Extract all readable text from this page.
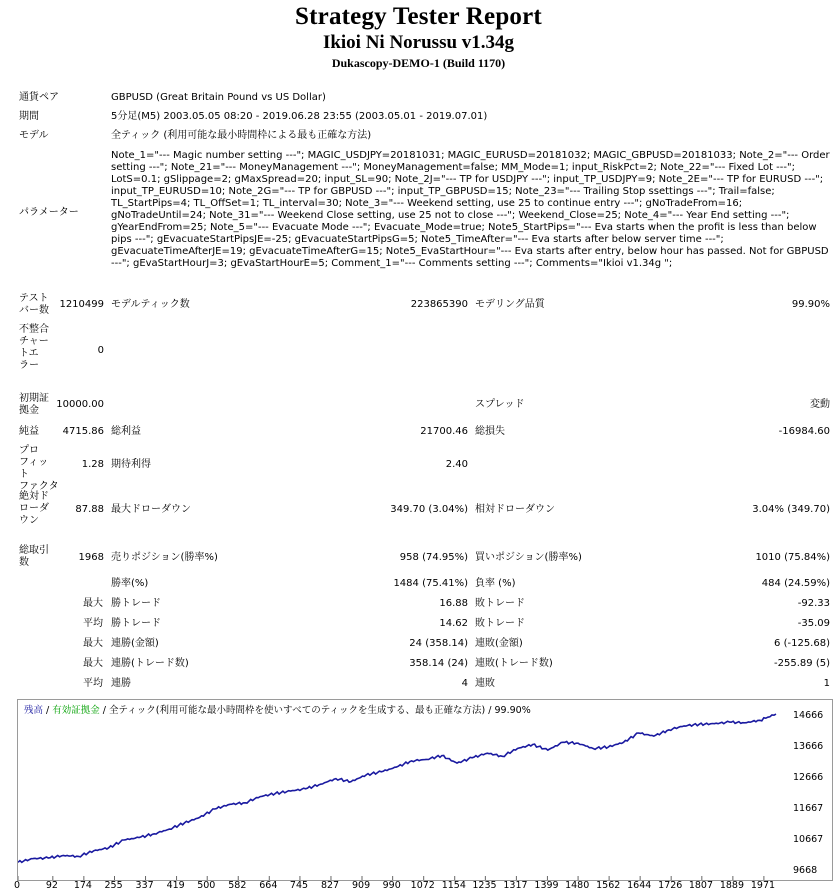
Strategy Tester Report
Ikioi Ni Norussu v1.34g
Dukascopy-DEMO-1 (Build 1170)
通貨ペア	GBPUSD (Great Britain Pound vs US Dollar)
期間	5分足(M5) 2003.05.05 08:20 - 2019.06.28 23:55 (2003.05.01 - 2019.07.01)
モデル	全ティック (利用可能な最小時間枠による最も正確な方法)
パラメーター
Note_1="--- Magic number setting ---"; MAGIC_USDJPY=20181031; MAGIC_EURUSD=20181032; MAGIC_GBPUSD=20181033; Note_2="--- Order setting ---"; Note_21="--- MoneyManagement ---"; MoneyManagement=false; MM_Mode=1; input_RiskPct=2; Note_22="--- Fixed Lot ---"; LotS=0.1; gSlippage=2; gMaxSpread=20; input_SL=90; Note_2J="--- TP for USDJPY ---"; input_TP_USDJPY=9; Note_2E="--- TP for EURUSD ---"; input_TP_EURUSD=10; Note_2G="--- TP for GBPUSD ---"; input_TP_GBPUSD=15; Note_23="--- Trailing Stop ssettings ---"; Trail=false; TL_StartPips=4; TL_OffSet=1; TL_interval=30; Note_3="--- Weekend setting, use 25 to continue entry ---"; gNoTradeFrom=16; gNoTradeUntil=24; Note_31="--- Weekend Close setting, use 25 not to close ---"; Weekend_Close=25; Note_4="--- Year End setting ---"; gYearEndFrom=25; Note_5="--- Evacuate Mode ---"; Evacuate_Mode=true; Note5_StartPips="--- Eva starts when the profit is less than below pips ---"; gEvacuateStartPipsJE=-25; gEvacuateStartPipsG=5; Note5_TimeAfter="--- Eva starts after below server time ---"; gEvacuateTimeAfterJE=19; gEvacuateTimeAfterG=15; Note5_EvaStartHour="--- Eva starts after entry, below hour has passed. Not for GBPUSD ---"; gEvaStartHourJ=3; gEvaStartHourE=5; Comment_1="--- Comments setting ---"; Comments="Ikioi v1.34g ";
テスト
バー数
1210499 モデルティック数	223865390 モデリング品質	99.90%
不整合
チャー
トエ
ラー
0
初期証
拠金
10000.00	スプレッド	変動
純益	4715.86 総利益	21700.46 総損失	-16984.60
プロ
フィッ
ト
ファクタ
1.28 期待利得	2.40
絶対ド
ローダ
ウン
87.88 最大ドローダウン	349.70 (3.04%) 相対ドローダウン	3.04% (349.70)
総取引
数	1968 売りポジション(勝率%)	958 (74.95%) 買いポジション(勝率%)	1010 (75.84%)
勝率(%)	1484 (75.41%) 負率 (%)	484 (24.59%)
最大 勝トレード	16.88 敗トレード	-92.33
平均 勝トレード	14.62 敗トレード	-35.09
最大 連勝(金額)	24 (358.14) 連敗(金額)	6 (-125.68)
最大 連勝(トレード数)	358.14 (24) 連敗(トレード数)	-255.89 (5)
平均 連勝	4 連敗	1
残高 / 有効証拠金 / 全ティック(利用可能な最小時間枠を使いすべてのティックを生成する、最も正確な方法) / 99.90%	14666
13666
12666
11667
10667
9668
0	92 174 255 337 419 500 582 664 745 827 909 990 1072 1154 1235 1317 1399 1480 1562 1644 1726 1807 1889 1971
